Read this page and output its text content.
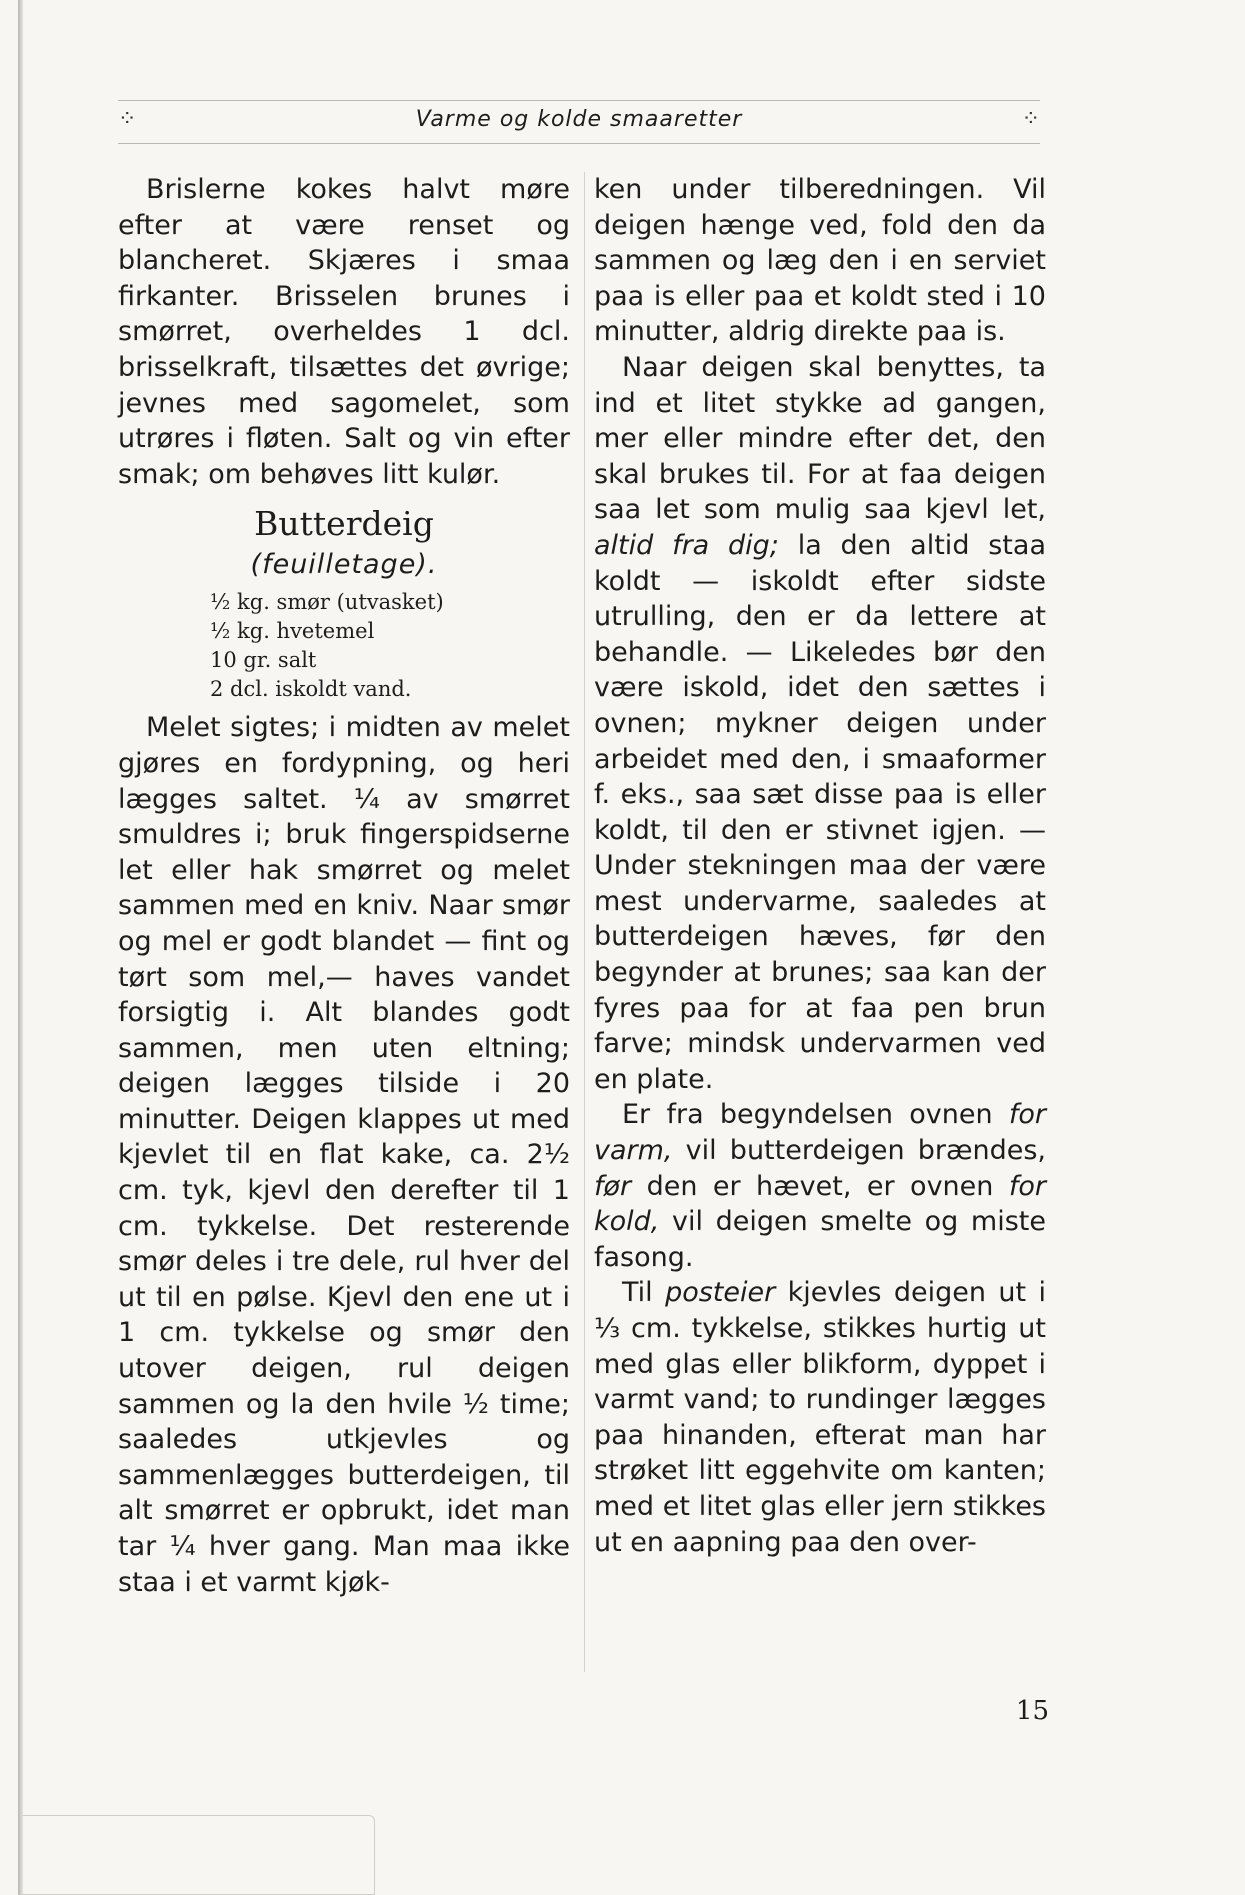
⁘	Varme og kolde smaaretter	⁘

Brislerne kokes halvt møre efter at være renset og blancheret. Skjæres i smaa firkanter. Brisselen brunes i smørret, overheldes 1 dcl. brisselkraft, tilsættes det øvrige; jevnes med sagomelet, som utrøres i fløten. Salt og vin efter smak; om behøves litt kulør.

Butterdeig
(feuilletage).
½ kg. smør (utvasket)
½ kg. hvetemel
10 gr. salt
2 dcl. iskoldt vand.

Melet sigtes; i midten av melet gjøres en fordypning, og heri lægges saltet. ¼ av smørret smuldres i; bruk fingerspidserne let eller hak smørret og melet sammen med en kniv. Naar smør og mel er godt blandet — fint og tørt som mel,— haves vandet forsigtig i. Alt blandes godt sammen, men uten eltning; deigen lægges tilside i 20 minutter. Deigen klappes ut med kjevlet til en flat kake, ca. 2½ cm. tyk, kjevl den derefter til 1 cm. tykkelse. Det resterende smør deles i tre dele, rul hver del ut til en pølse. Kjevl den ene ut i 1 cm. tykkelse og smør den utover deigen, rul deigen sammen og la den hvile ½ time; saaledes utkjevles og sammenlægges butterdeigen, til alt smørret er opbrukt, idet man tar ¼ hver gang. Man maa ikke staa i et varmt kjøk-

ken under tilberedningen. Vil deigen hænge ved, fold den da sammen og læg den i en serviet paa is eller paa et koldt sted i 10 minutter, aldrig direkte paa is.

Naar deigen skal benyttes, ta ind et litet stykke ad gangen, mer eller mindre efter det, den skal brukes til. For at faa deigen saa let som mulig saa kjevl let, altid fra dig; la den altid staa koldt — iskoldt efter sidste utrulling, den er da lettere at behandle. — Likeledes bør den være iskold, idet den sættes i ovnen; mykner deigen under arbeidet med den, i smaaformer f. eks., saa sæt disse paa is eller koldt, til den er stivnet igjen. — Under stekningen maa der være mest undervarme, saaledes at butterdeigen hæves, før den begynder at brunes; saa kan der fyres paa for at faa pen brun farve; mindsk undervarmen ved en plate.

Er fra begyndelsen ovnen for varm, vil butterdeigen brændes, før den er hævet, er ovnen for kold, vil deigen smelte og miste fasong.

Til posteier kjevles deigen ut i ⅓ cm. tykkelse, stikkes hurtig ut med glas eller blikform, dyppet i varmt vand; to rundinger lægges paa hinanden, efterat man har strøket litt eggehvite om kanten; med et litet glas eller jern stikkes ut en aapning paa den over-

15
